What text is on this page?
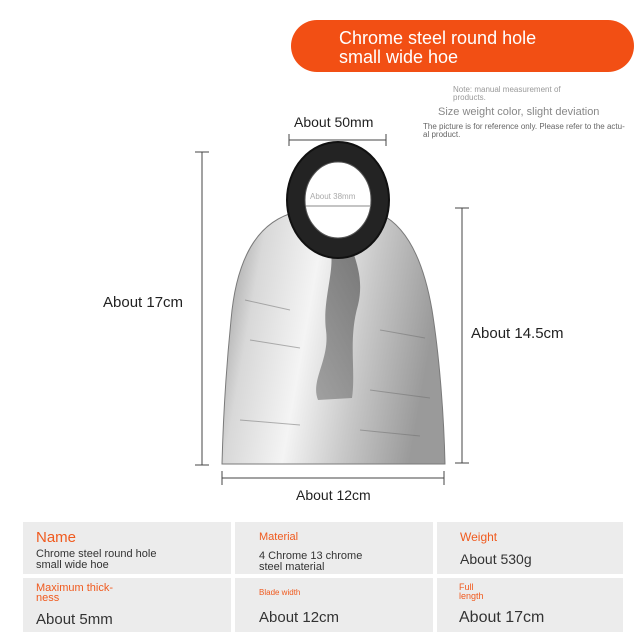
Chrome steel round hole
small wide hoe
Note: manual measurement of
products.
Size weight color, slight deviation
The picture is for reference only. Please refer to the actu-
al product.
About 50mm
About 38mm
About 17cm
About 14.5cm
About 12cm
Name
Chrome steel round hole
small wide hoe
Material
4 Chrome 13 chrome
steel material
Weight
About 530g
Maximum thick-
ness
About 5mm
Blade width
About 12cm
Full
length
About 17cm
